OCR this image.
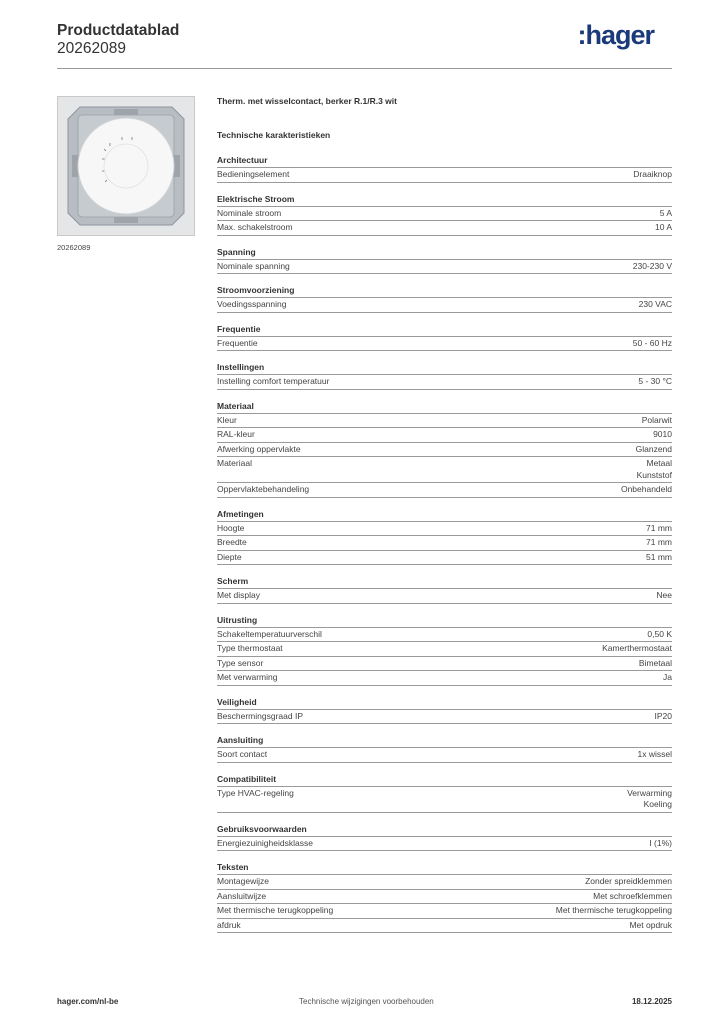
Productdatablad
20262089	:hager
20262089
Therm. met wisselcontact, berker R.1/R.3 wit
Technische karakteristieken
Architectuur
Bedieningselement	Draaiknop
Elektrische Stroom
Nominale stroom	5 A
Max. schakelstroom	10 A
Spanning
Nominale spanning	230-230 V
Stroomvoorziening
Voedingsspanning	230 VAC
Frequentie
Frequentie	50 - 60 Hz
Instellingen
Instelling comfort temperatuur	5 - 30 °C
Materiaal
Kleur	Polarwit
RAL-kleur	9010
Afwerking oppervlakte	Glanzend
Materiaal	Metaal
Kunststof
Oppervlaktebehandeling	Onbehandeld
Afmetingen
Hoogte	71 mm
Breedte	71 mm
Diepte	51 mm
Scherm
Met display	Nee
Uitrusting
Schakeltemperatuurverschil	0,50 K
Type thermostaat	Kamerthermostaat
Type sensor	Bimetaal
Met verwarming	Ja
Veiligheid
Beschermingsgraad IP	IP20
Aansluiting
Soort contact	1x wissel
Compatibiliteit
Type HVAC-regeling	Verwarming
Koeling
Gebruiksvoorwaarden
Energiezuinigheidsklasse	I (1%)
Teksten
Montagewijze	Zonder spreidklemmen
Aansluitwijze	Met schroefklemmen
Met thermische terugkoppeling	Met thermische terugkoppeling
afdruk	Met opdruk
hager.com/nl-be	Technische wijzigingen voorbehouden	18.12.2025
